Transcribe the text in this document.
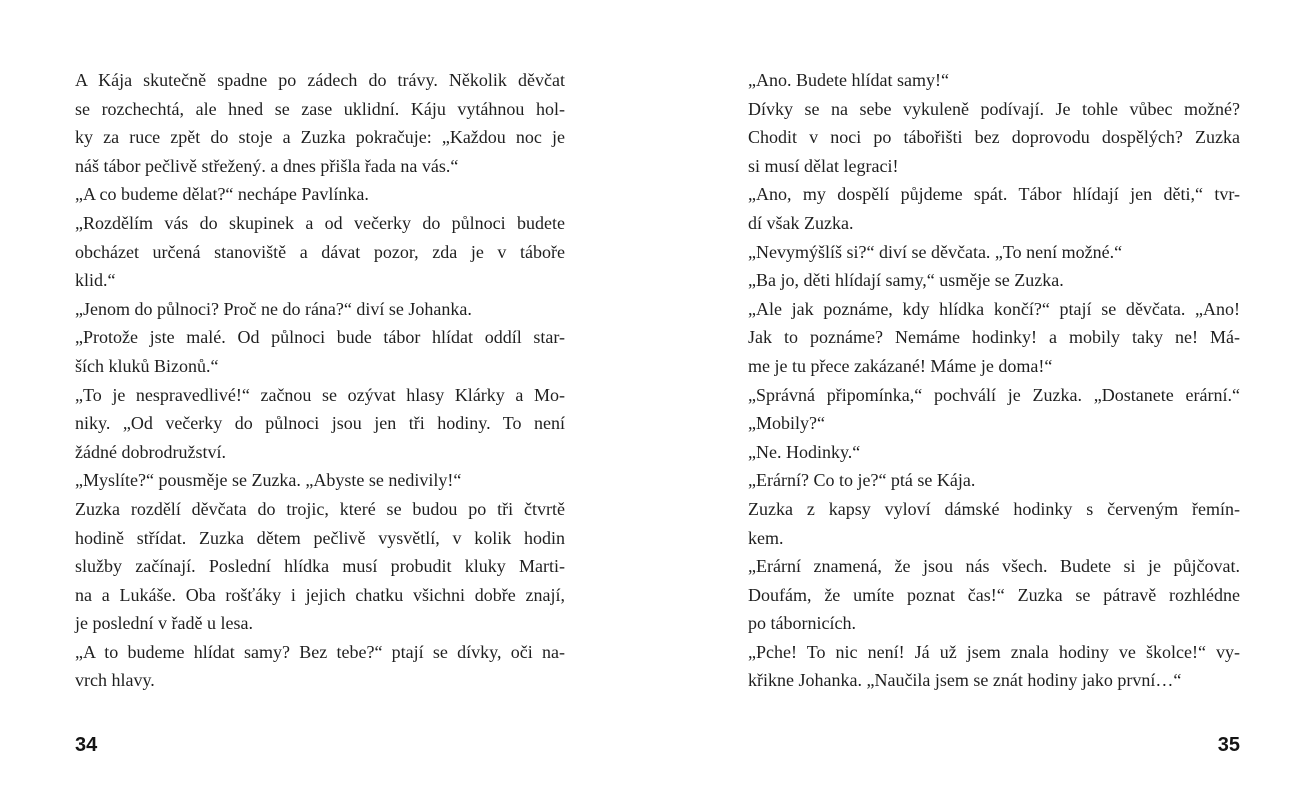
A Kája skutečně spadne po zádech do trávy. Několik děvčat
se rozchechtá, ale hned se zase uklidní. Káju vytáhnou hol-
ky za ruce zpět do stoje a Zuzka pokračuje: „Každou noc je
náš tábor pečlivě střežený. a dnes přišla řada na vás.“
„A co budeme dělat?“ nechápe Pavlínka.
„Rozdělím vás do skupinek a od večerky do půlnoci budete
obcházet určená stanoviště a dávat pozor, zda je v táboře
klid.“
„Jenom do půlnoci? Proč ne do rána?“ diví se Johanka.
„Protože jste malé. Od půlnoci bude tábor hlídat oddíl star-
ších kluků Bizonů.“
„To je nespravedlivé!“ začnou se ozývat hlasy Klárky a Mo-
niky. „Od večerky do půlnoci jsou jen tři hodiny. To není
žádné dobrodružství.
„Myslíte?“ pousměje se Zuzka. „Abyste se nedivily!“
Zuzka rozdělí děvčata do trojic, které se budou po tři čtvrtě
hodině střídat. Zuzka dětem pečlivě vysvětlí, v kolik hodin
služby začínají. Poslední hlídka musí probudit kluky Marti-
na a Lukáše. Oba rošťáky i jejich chatku všichni dobře znají,
je poslední v řadě u lesa.
„A to budeme hlídat samy? Bez tebe?“ ptají se dívky, oči na-
vrch hlavy.
34
„Ano. Budete hlídat samy!“
Dívky se na sebe vykuleně podívají. Je tohle vůbec možné?
Chodit v noci po tábořišti bez doprovodu dospělých? Zuzka
si musí dělat legraci!
„Ano, my dospělí půjdeme spát. Tábor hlídají jen děti,“ tvr-
dí však Zuzka.
„Nevymýšlíš si?“ diví se děvčata. „To není možné.“
„Ba jo, děti hlídají samy,“ usměje se Zuzka.
„Ale jak poznáme, kdy hlídka končí?“ ptají se děvčata. „Ano!
Jak to poznáme? Nemáme hodinky! a mobily taky ne! Má-
me je tu přece zakázané! Máme je doma!“
„Správná připomínka,“ pochválí je Zuzka. „Dostanete erární.“
„Mobily?“
„Ne. Hodinky.“
„Erární? Co to je?“ ptá se Kája.
Zuzka z kapsy vyloví dámské hodinky s červeným řemín-
kem.
„Erární znamená, že jsou nás všech. Budete si je půjčovat.
Doufám, že umíte poznat čas!“ Zuzka se pátravě rozhlédne
po tábornicích.
„Pche! To nic není! Já už jsem znala hodiny ve školce!“ vy-
křikne Johanka. „Naučila jsem se znát hodiny jako první…“
35
